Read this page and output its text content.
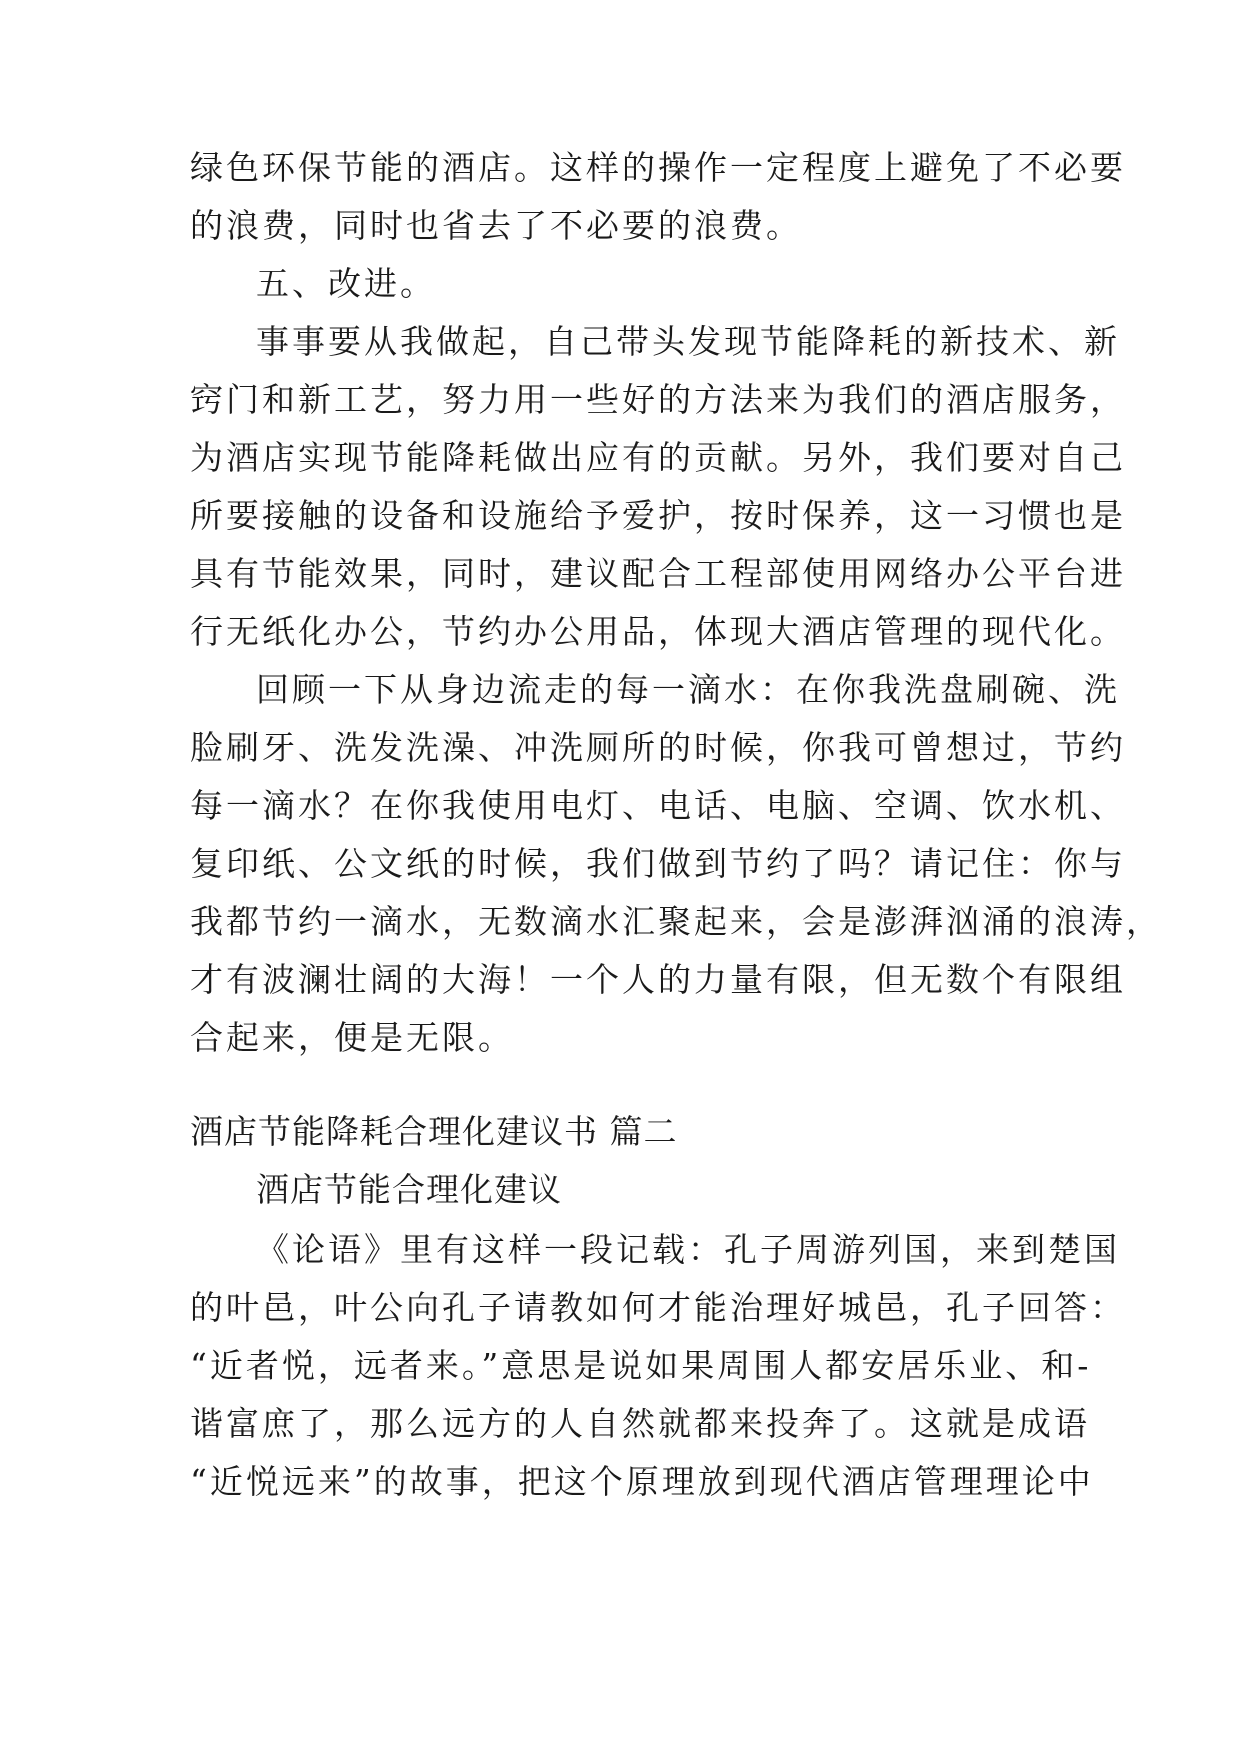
绿色环保节能的酒店。这样的操作一定程度上避免了不必要
的浪费，同时也省去了不必要的浪费。
五、改进。
事事要从我做起，自己带头发现节能降耗的新技术、新
窍门和新工艺，努力用一些好的方法来为我们的酒店服务，
为酒店实现节能降耗做出应有的贡献。另外，我们要对自己
所要接触的设备和设施给予爱护，按时保养，这一习惯也是
具有节能效果，同时，建议配合工程部使用网络办公平台进
行无纸化办公，节约办公用品，体现大酒店管理的现代化。
回顾一下从身边流走的每一滴水：在你我洗盘刷碗、洗
脸刷牙、洗发洗澡、冲洗厕所的时候，你我可曾想过，节约
每一滴水？在你我使用电灯、电话、电脑、空调、饮水机、
复印纸、公文纸的时候，我们做到节约了吗？请记住：你与
我都节约一滴水，无数滴水汇聚起来，会是澎湃汹涌的浪涛，
才有波澜壮阔的大海！一个人的力量有限，但无数个有限组
合起来，便是无限。
酒店节能降耗合理化建议书 篇二
酒店节能合理化建议
《论语》里有这样一段记载：孔子周游列国，来到楚国
的叶邑，叶公向孔子请教如何才能治理好城邑，孔子回答：
“近者悦，远者来。”意思是说如果周围人都安居乐业、和-
谐富庶了，那么远方的人自然就都来投奔了。这就是成语
“近悦远来”的故事，把这个原理放到现代酒店管理理论中
